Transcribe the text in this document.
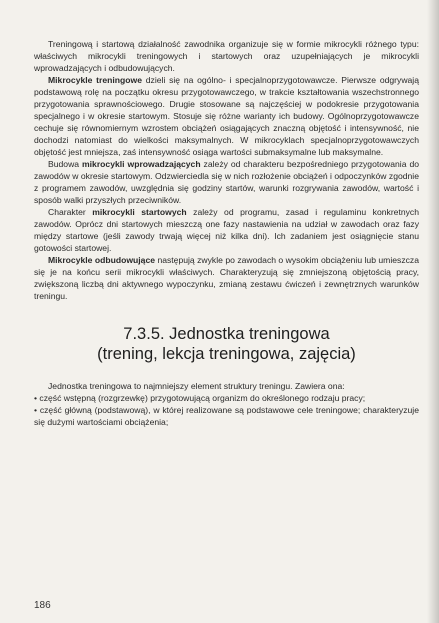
Treningową i startową działalność zawodnika organizuje się w formie mikrocykli różnego typu: właściwych mikrocykli treningowych i startowych oraz uzupełniających je mikrocykli wprowadzających i odbudowujących.

Mikrocykle treningowe dzieli się na ogólno- i specjalnoprzygotowawcze. Pierwsze odgrywają podstawową rolę na początku okresu przygotowawczego, w trakcie kształtowania wszechstronnego przygotowania sprawnościowego. Drugie stosowane są najczęściej w podokresie przygotowania specjalnego i w okresie startowym. Stosuje się różne warianty ich budowy. Ogólnoprzygotowawcze cechuje się równomiernym wzrostem obciążeń osiągających znaczną objętość i intensywność, nie dochodzi natomiast do wielkości maksymalnych. W mikrocyklach specjalnoprzygotowawczych objętość jest mniejsza, zaś intensywność osiąga wartości submaksymalne lub maksymalne.

Budowa mikrocykli wprowadzających zależy od charakteru bezpośredniego przygotowania do zawodów w okresie startowym. Odzwierciedla się w nich rozłożenie obciążeń i odpoczynków zgodnie z programem zawodów, uwzględnia się godziny startów, warunki rozgrywania zawodów, wartość i sposób walki przyszłych przeciwników.

Charakter mikrocykli startowych zależy od programu, zasad i regulaminu konkretnych zawodów. Oprócz dni startowych mieszczą one fazy nastawienia na udział w zawodach oraz fazy między startowe (jeśli zawody trwają więcej niż kilka dni). Ich zadaniem jest osiągnięcie stanu gotowości startowej.

Mikrocykle odbudowujące następują zwykle po zawodach o wysokim obciążeniu lub umieszcza się je na końcu serii mikrocykli właściwych. Charakteryzują się zmniejszoną objętością pracy, zwiększoną liczbą dni aktywnego wypoczynku, zmianą zestawu ćwiczeń i zewnętrznych warunków treningu.

7.3.5. Jednostka treningowa
(trening, lekcja treningowa, zajęcia)

Jednostka treningowa to najmniejszy element struktury treningu. Zawiera ona:

• część wstępną (rozgrzewkę) przygotowującą organizm do określonego rodzaju pracy;

• część główną (podstawową), w której realizowane są podstawowe cele treningowe; charakteryzuje się dużymi wartościami obciążenia;

186
